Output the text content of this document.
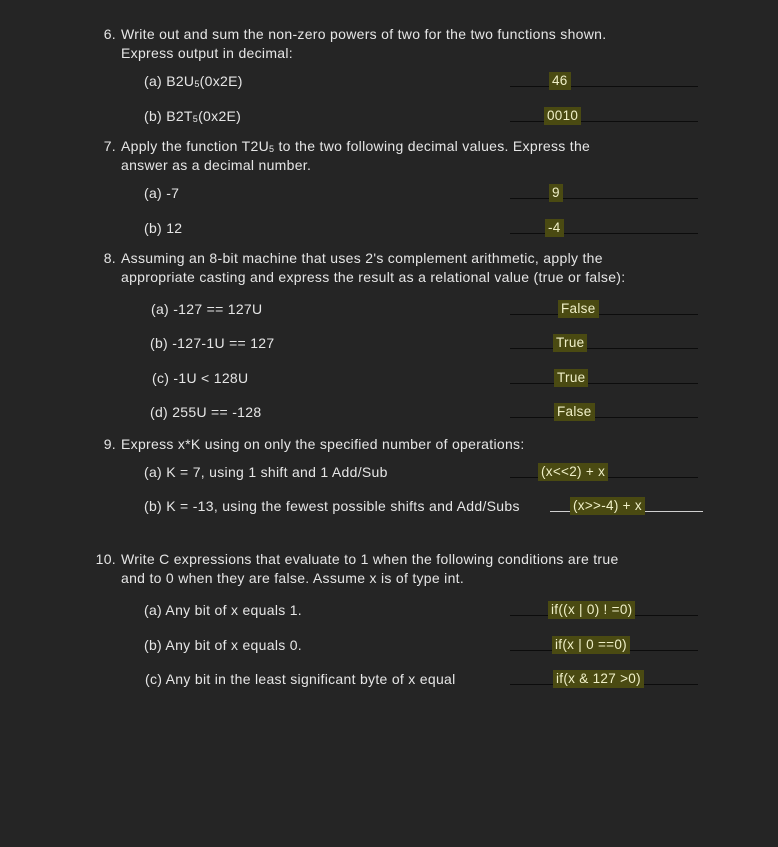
6. Write out and sum the non-zero powers of two for the two functions shown.
Express output in decimal:
(a) $B2U_5(0x2E)$	46
(b) $B2T_5(0x2E)$	0010
7. Apply the function $T2U_5$ to the two following decimal values. Express the
answer as a decimal number.
(a) -7	9
(b) 12	-4
8. Assuming an 8-bit machine that uses 2's complement arithmetic, apply the
appropriate casting and express the result as a relational value (true or false):
(a) -127 == 127U	False
(b) -127-1U == 127	True
(c) -1U < 128U	True
(d) 255U == -128	False
9. Express x*K using on only the specified number of operations:
(a) K = 7, using 1 shift and 1 Add/Sub	(x<<2) + x
(b) K = -13, using the fewest possible shifts and Add/Subs	(x>>-4) + x
10. Write C expressions that evaluate to 1 when the following conditions are true
and to 0 when they are false. Assume x is of type int.
(a) Any bit of x equals 1.	if((x | 0) ! =0)
(b) Any bit of x equals 0.	if(x | 0 ==0)
(c) Any bit in the least significant byte of x equal	if(x & 127 >0)
